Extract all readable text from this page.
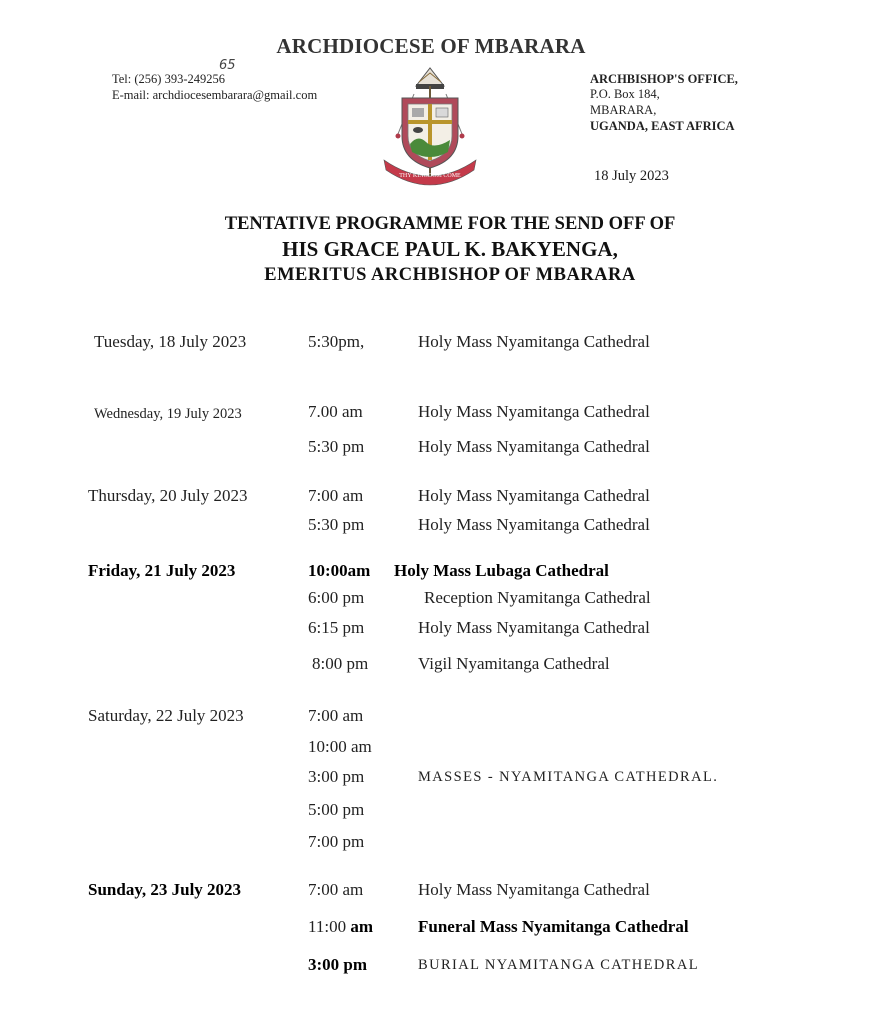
ARCHDIOCESE OF MBARARA
Tel: (256) 393-249256
65
E-mail: archdiocesembarara@gmail.com
ARCHBISHOP'S OFFICE,
P.O. Box 184,
MBARARA,
UGANDA, EAST AFRICA
18 July 2023
THY KINGDOM COME
TENTATIVE PROGRAMME FOR THE SEND OFF OF
HIS GRACE PAUL K. BAKYENGA,
EMERITUS ARCHBISHOP OF MBARARA
Tuesday, 18 July 2023	5:30pm,	Holy Mass Nyamitanga Cathedral
Wednesday, 19 July 2023	7.00 am	Holy Mass Nyamitanga Cathedral
5:30 pm	Holy Mass Nyamitanga Cathedral
Thursday, 20 July 2023	7:00 am	Holy Mass Nyamitanga Cathedral
5:30 pm	Holy Mass Nyamitanga Cathedral
Friday, 21 July 2023	10:00am Holy Mass Lubaga Cathedral
6:00 pm	Reception Nyamitanga Cathedral
6:15 pm	Holy Mass Nyamitanga Cathedral
8:00 pm	Vigil Nyamitanga Cathedral
Saturday, 22 July 2023	7:00 am
10:00 am
3:00 pm	MASSES - NYAMITANGA CATHEDRAL.
5:00 pm
7:00 pm
Sunday, 23 July 2023	7:00 am	Holy Mass Nyamitanga Cathedral
11:00 am	Funeral Mass Nyamitanga Cathedral
3:00 pm	BURIAL NYAMITANGA CATHEDRAL
